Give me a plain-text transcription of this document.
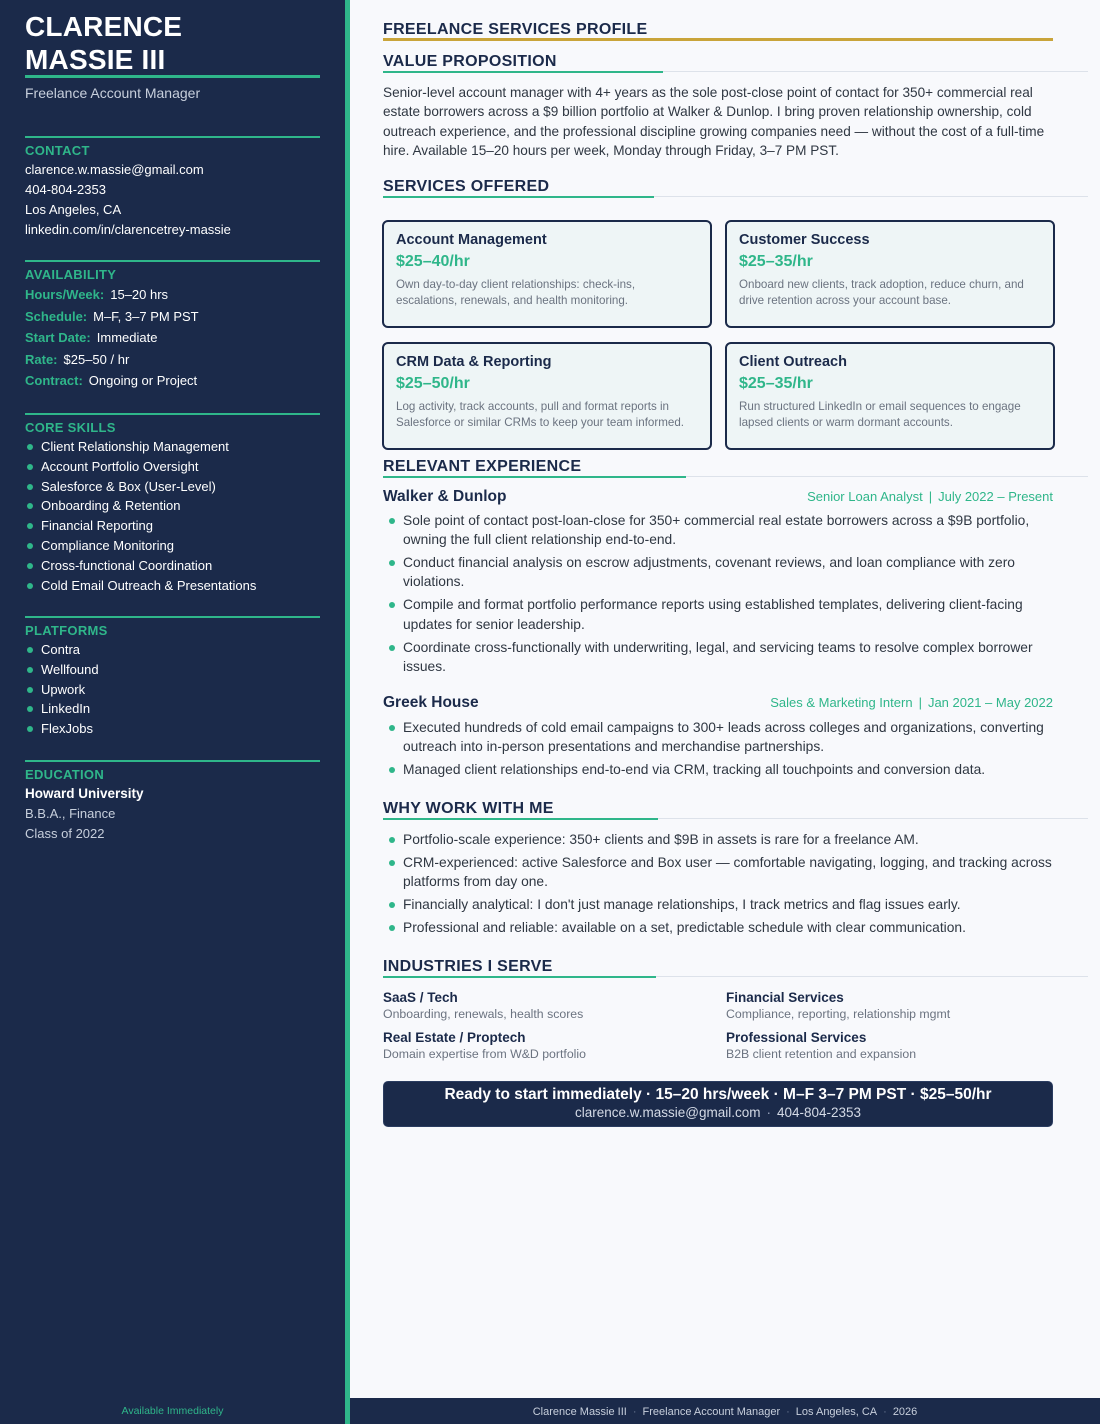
CLARENCE
MASSIE III
Freelance Account Manager
CONTACT
clarence.w.massie@gmail.com
404-804-2353
Los Angeles, CA
linkedin.com/in/clarencetrey-massie
AVAILABILITY
Hours/Week: 15–20 hrs
Schedule: M–F, 3–7 PM PST
Start Date: Immediate
Rate: $25–50 / hr
Contract: Ongoing or Project
CORE SKILLS
Client Relationship Management
Account Portfolio Oversight
Salesforce & Box (User-Level)
Onboarding & Retention
Financial Reporting
Compliance Monitoring
Cross-functional Coordination
Cold Email Outreach & Presentations
PLATFORMS
Contra
Wellfound
Upwork
LinkedIn
FlexJobs
EDUCATION
Howard University
B.B.A., Finance
Class of 2022
Available Immediately
FREELANCE SERVICES PROFILE
VALUE PROPOSITION
Senior-level account manager with 4+ years as the sole post-close point of contact for 350+ commercial real estate borrowers across a $9 billion portfolio at Walker & Dunlop. I bring proven relationship ownership, cold outreach experience, and the professional discipline growing companies need — without the cost of a full-time hire. Available 15–20 hours per week, Monday through Friday, 3–7 PM PST.
SERVICES OFFERED
Account Management
$25–40/hr
Own day-to-day client relationships: check-ins, escalations, renewals, and health monitoring.
Customer Success
$25–35/hr
Onboard new clients, track adoption, reduce churn, and drive retention across your account base.
CRM Data & Reporting
$25–50/hr
Log activity, track accounts, pull and format reports in Salesforce or similar CRMs to keep your team informed.
Client Outreach
$25–35/hr
Run structured LinkedIn or email sequences to engage lapsed clients or warm dormant accounts.
RELEVANT EXPERIENCE
Walker & Dunlop	Senior Loan Analyst | July 2022 – Present
Sole point of contact post-loan-close for 350+ commercial real estate borrowers across a $9B portfolio, owning the full client relationship end-to-end.
Conduct financial analysis on escrow adjustments, covenant reviews, and loan compliance with zero violations.
Compile and format portfolio performance reports using established templates, delivering client-facing updates for senior leadership.
Coordinate cross-functionally with underwriting, legal, and servicing teams to resolve complex borrower issues.
Greek House	Sales & Marketing Intern | Jan 2021 – May 2022
Executed hundreds of cold email campaigns to 300+ leads across colleges and organizations, converting outreach into in-person presentations and merchandise partnerships.
Managed client relationships end-to-end via CRM, tracking all touchpoints and conversion data.
WHY WORK WITH ME
Portfolio-scale experience: 350+ clients and $9B in assets is rare for a freelance AM.
CRM-experienced: active Salesforce and Box user — comfortable navigating, logging, and tracking across platforms from day one.
Financially analytical: I don't just manage relationships, I track metrics and flag issues early.
Professional and reliable: available on a set, predictable schedule with clear communication.
INDUSTRIES I SERVE
SaaS / Tech
Onboarding, renewals, health scores
Financial Services
Compliance, reporting, relationship mgmt
Real Estate / Proptech
Domain expertise from W&D portfolio
Professional Services
B2B client retention and expansion
Ready to start immediately · 15–20 hrs/week · M–F 3–7 PM PST · $25–50/hr
clarence.w.massie@gmail.com · 404-804-2353
Clarence Massie III · Freelance Account Manager · Los Angeles, CA · 2026
